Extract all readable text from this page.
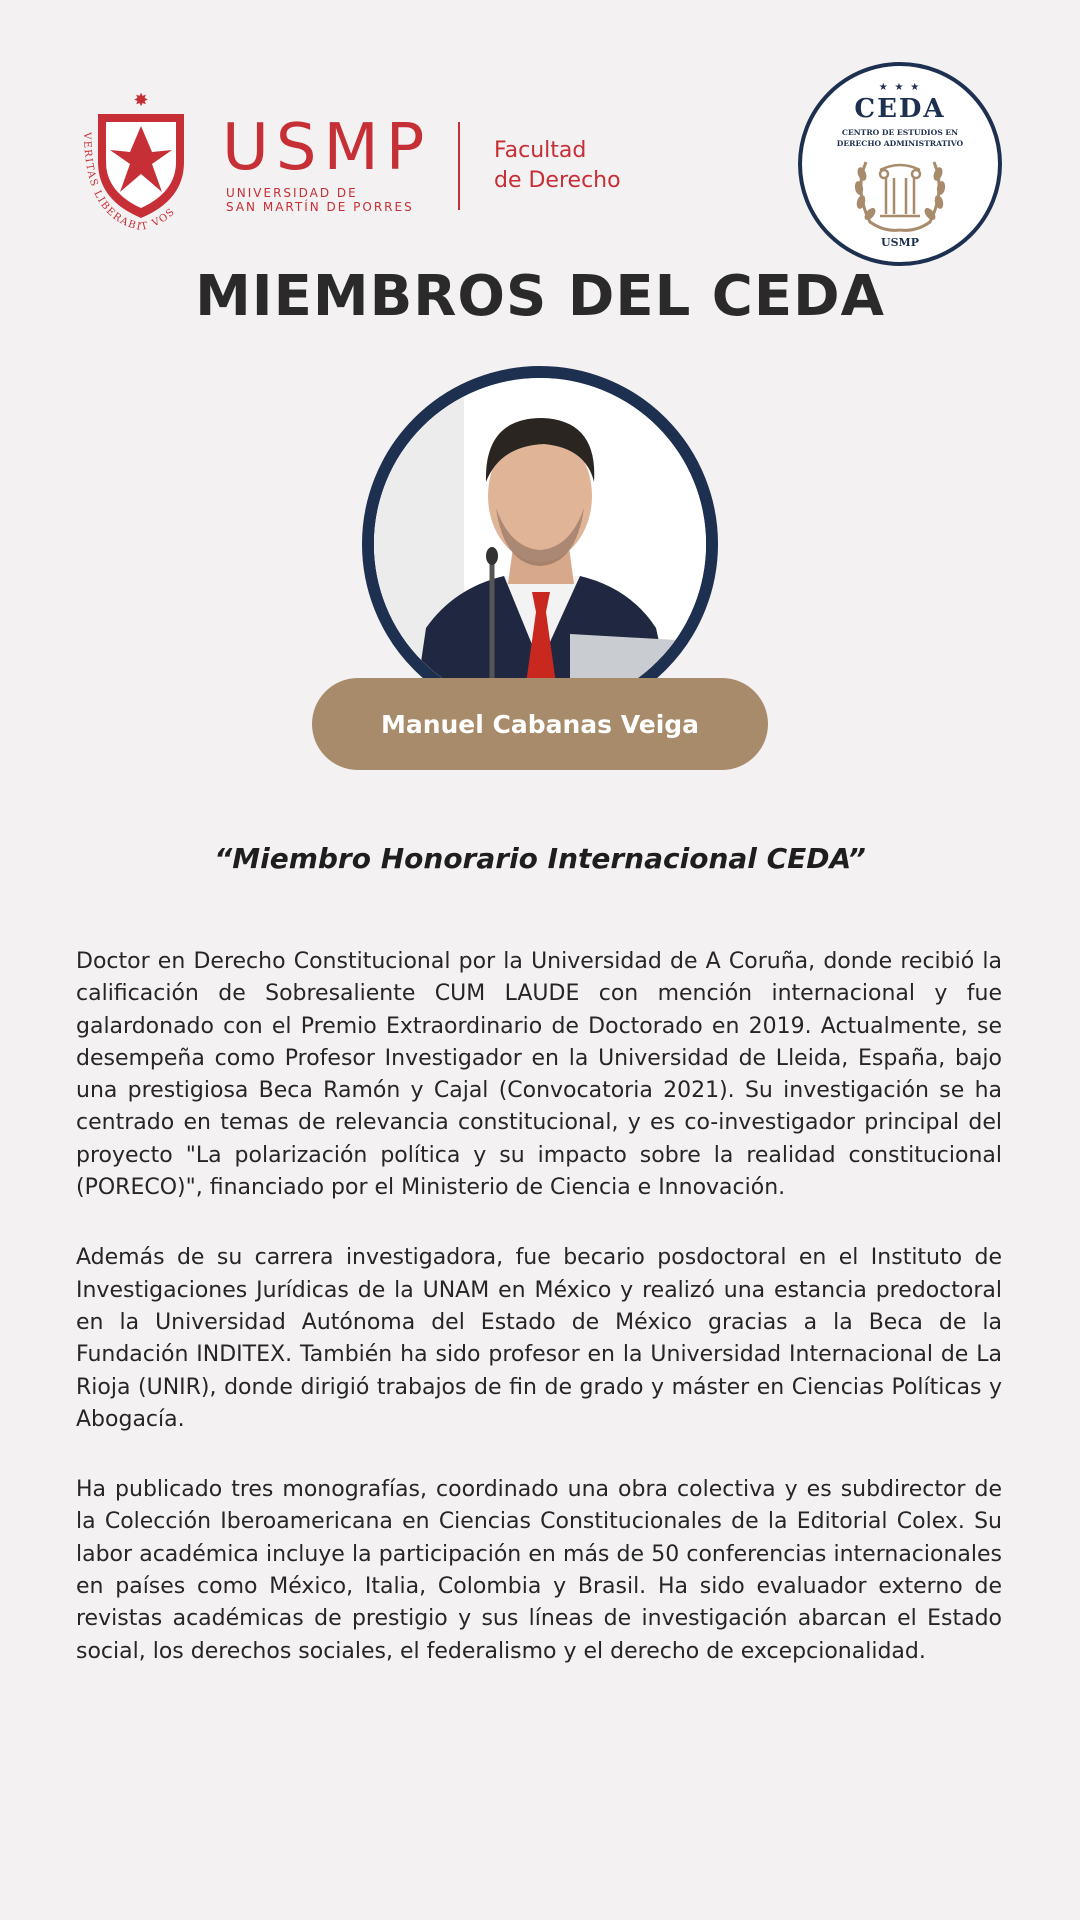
✸
VERITAS LIBERABIT VOS
USMP
UNIVERSIDAD DE
SAN MARTÍN DE PORRES
Facultad
de Derecho
★ ★ ★
CEDA
CENTRO DE ESTUDIOS EN
DERECHO ADMINISTRATIVO
USMP
MIEMBROS DEL CEDA
Manuel Cabanas Veiga
“Miembro Honorario Internacional CEDA”

Doctor en Derecho Constitucional por la Universidad de A Coruña, donde recibió la calificación de Sobresaliente CUM LAUDE con mención internacional y fue galardonado con el Premio Extraordinario de Doctorado en 2019. Actualmente, se desempeña como Profesor Investigador en la Universidad de Lleida, España, bajo una prestigiosa Beca Ramón y Cajal (Convocatoria 2021). Su investigación se ha centrado en temas de relevancia constitucional, y es co-investigador principal del proyecto "La polarización política y su impacto sobre la realidad constitucional (PORECO)", financiado por el Ministerio de Ciencia e Innovación.

Además de su carrera investigadora, fue becario posdoctoral en el Instituto de Investigaciones Jurídicas de la UNAM en México y realizó una estancia predoctoral en la Universidad Autónoma del Estado de México gracias a la Beca de la Fundación INDITEX. También ha sido profesor en la Universidad Internacional de La Rioja (UNIR), donde dirigió trabajos de fin de grado y máster en Ciencias Políticas y Abogacía.

Ha publicado tres monografías, coordinado una obra colectiva y es subdirector de la Colección Iberoamericana en Ciencias Constitucionales de la Editorial Colex. Su labor académica incluye la participación en más de 50 conferencias internacionales en países como México, Italia, Colombia y Brasil. Ha sido evaluador externo de revistas académicas de prestigio y sus líneas de investigación abarcan el Estado social, los derechos sociales, el federalismo y el derecho de excepcionalidad.
